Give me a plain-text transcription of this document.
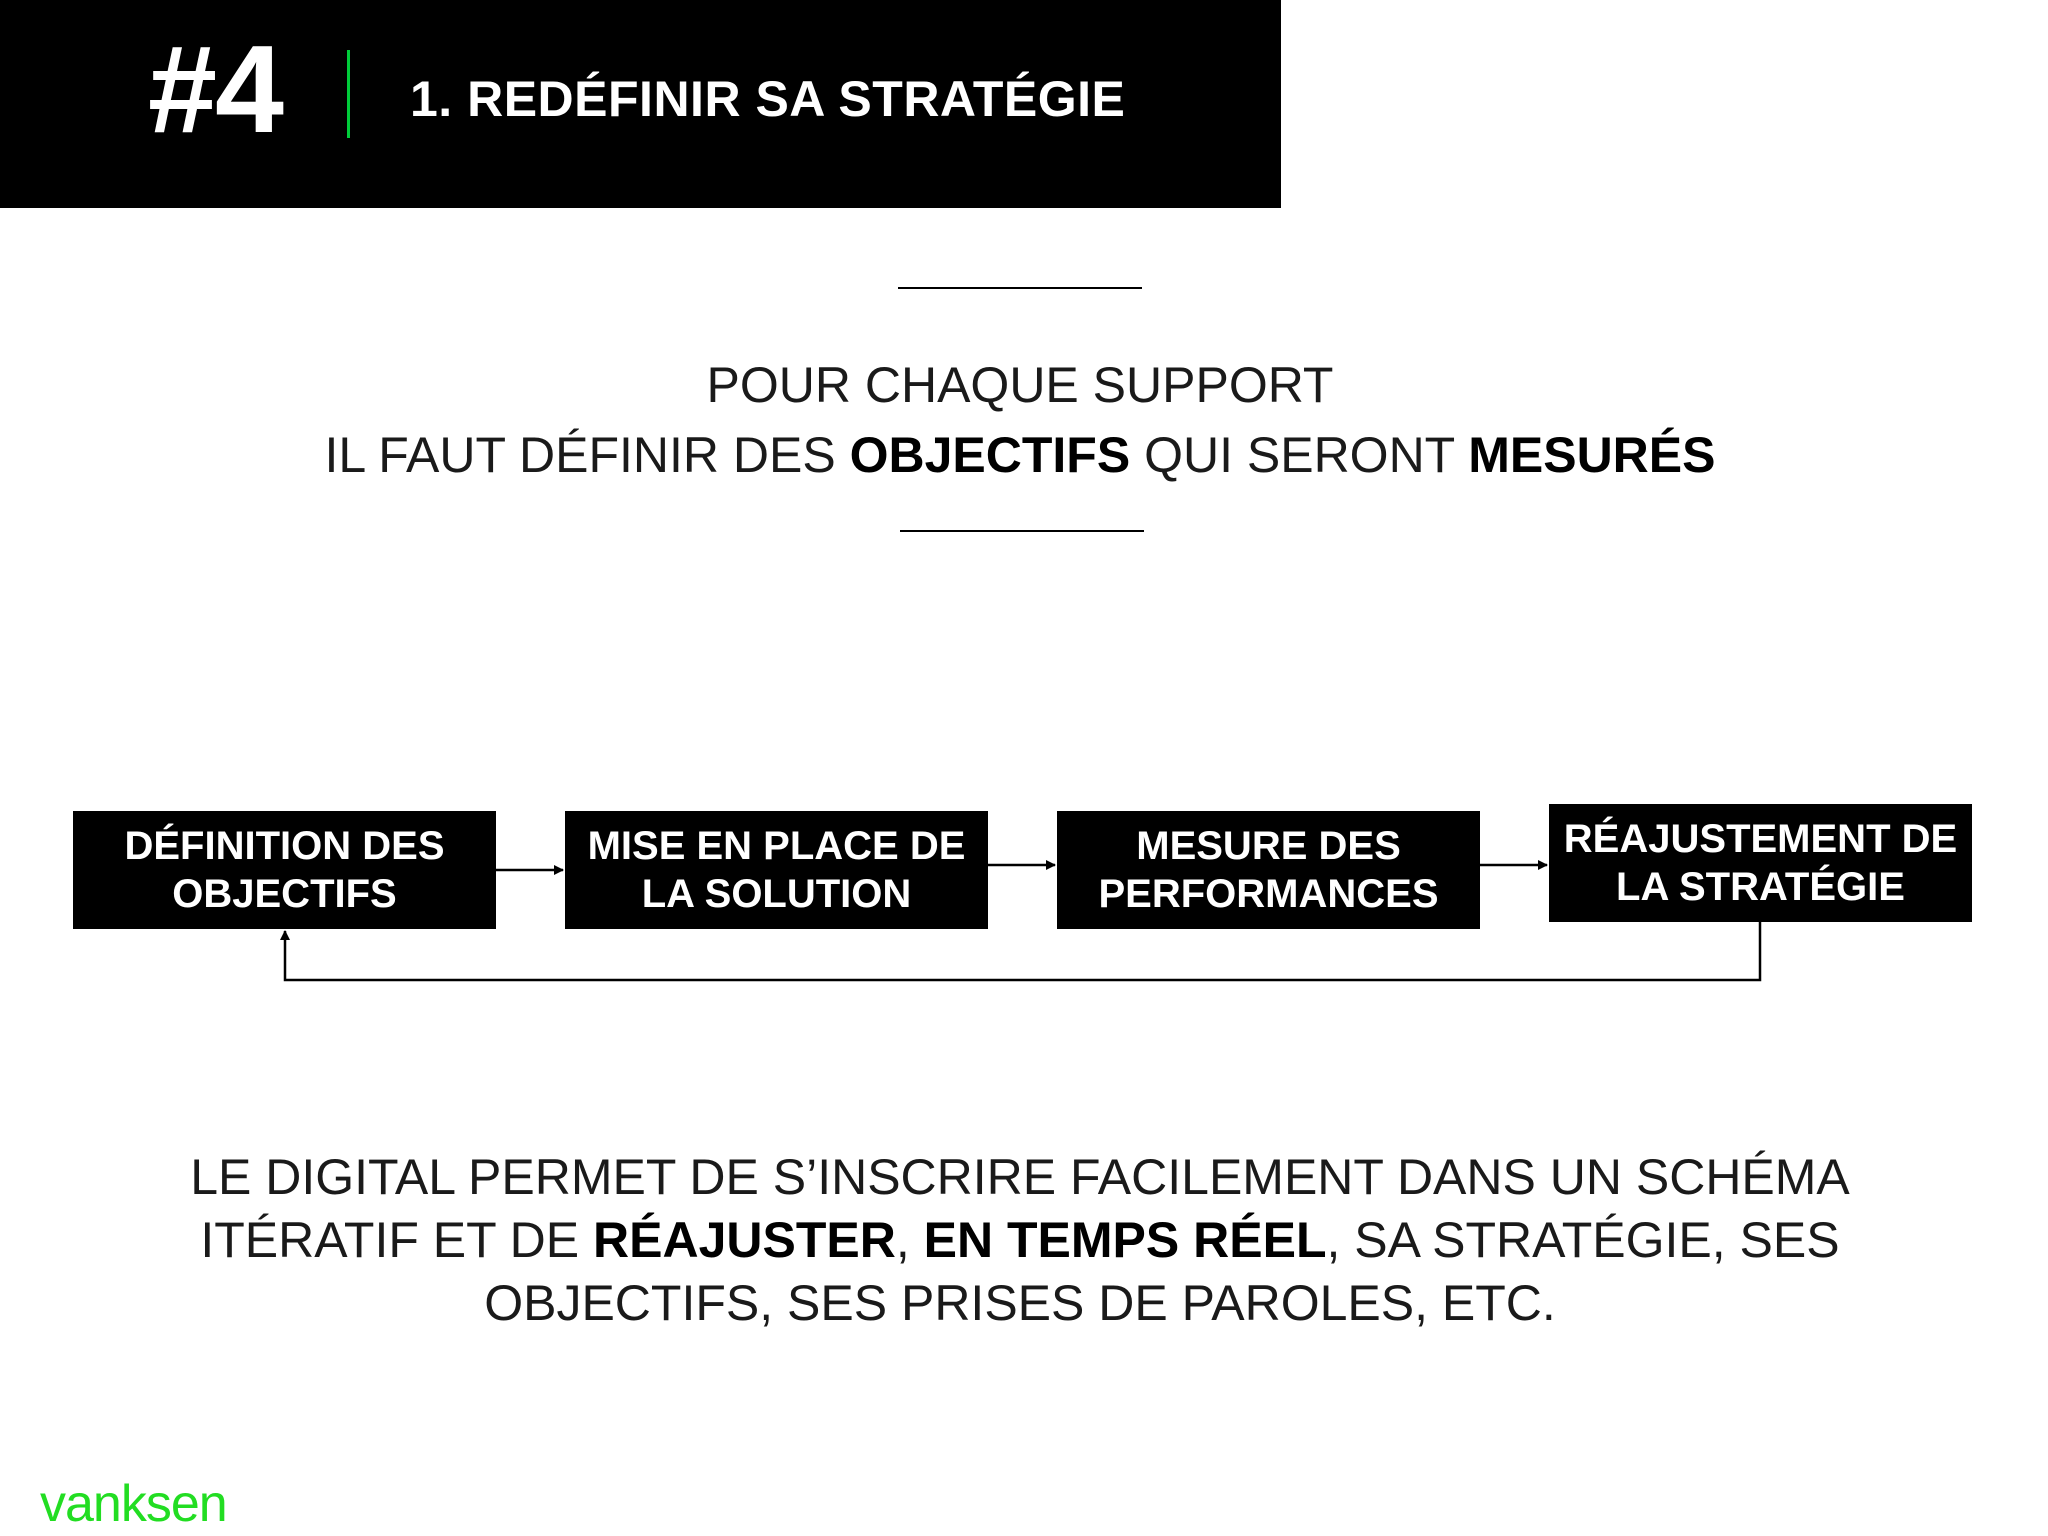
#4	1. REDÉFINIR SA STRATÉGIE
POUR CHAQUE SUPPORT
IL FAUT DÉFINIR DES OBJECTIFS QUI SERONT MESURÉS
DÉFINITION DES
OBJECTIFS
MISE EN PLACE DE
LA SOLUTION
MESURE DES
PERFORMANCES
RÉAJUSTEMENT DE
LA STRATÉGIE
LE DIGITAL PERMET DE S’INSCRIRE FACILEMENT DANS UN SCHÉMA ITÉRATIF ET DE RÉAJUSTER, EN TEMPS RÉEL, SA STRATÉGIE, SES OBJECTIFS, SES PRISES DE PAROLES, ETC.
vanksen
